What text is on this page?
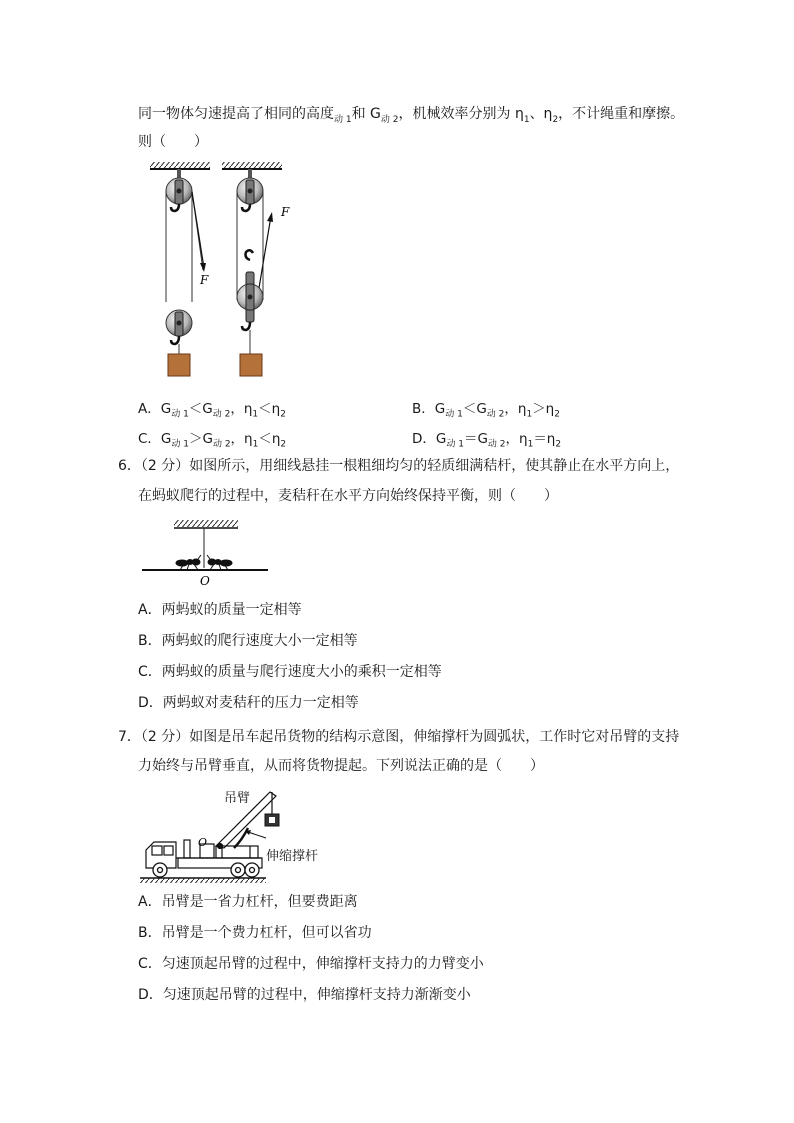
同一物体匀速提高了相同的高度$_{动 1}$和 $G_{动 2}$，机械效率分别为 $\eta_1$、$\eta_2$，不计绳重和摩擦。
则（　　）
F
F
A．$G_{动 1}<G_{动 2}$，$\eta_1<\eta_2$	B．$G_{动 1}<G_{动 2}$，$\eta_1>\eta_2$
C．$G_{动 1}>G_{动 2}$，$\eta_1<\eta_2$	D．$G_{动 1}=G_{动 2}$，$\eta_1=\eta_2$
6．（2 分）如图所示，用细线悬挂一根粗细均匀的轻质细满秸杆，使其静止在水平方向上，
在蚂蚁爬行的过程中，麦秸秆在水平方向始终保持平衡，则（　　）
O
A．两蚂蚁的质量一定相等
B．两蚂蚁的爬行速度大小一定相等
C．两蚂蚁的质量与爬行速度大小的乘积一定相等
D．两蚂蚁对麦秸秆的压力一定相等
7．（2 分）如图是吊车起吊货物的结构示意图，伸缩撑杆为圆弧状，工作时它对吊臂的支持
力始终与吊臂垂直，从而将货物提起。下列说法正确的是（　　）
O
吊臂
伸缩撑杆
A．吊臂是一省力杠杆，但要费距离
B．吊臂是一个费力杠杆，但可以省功
C．匀速顶起吊臂的过程中，伸缩撑杆支持力的力臂变小
D．匀速顶起吊臂的过程中，伸缩撑杆支持力渐渐变小
